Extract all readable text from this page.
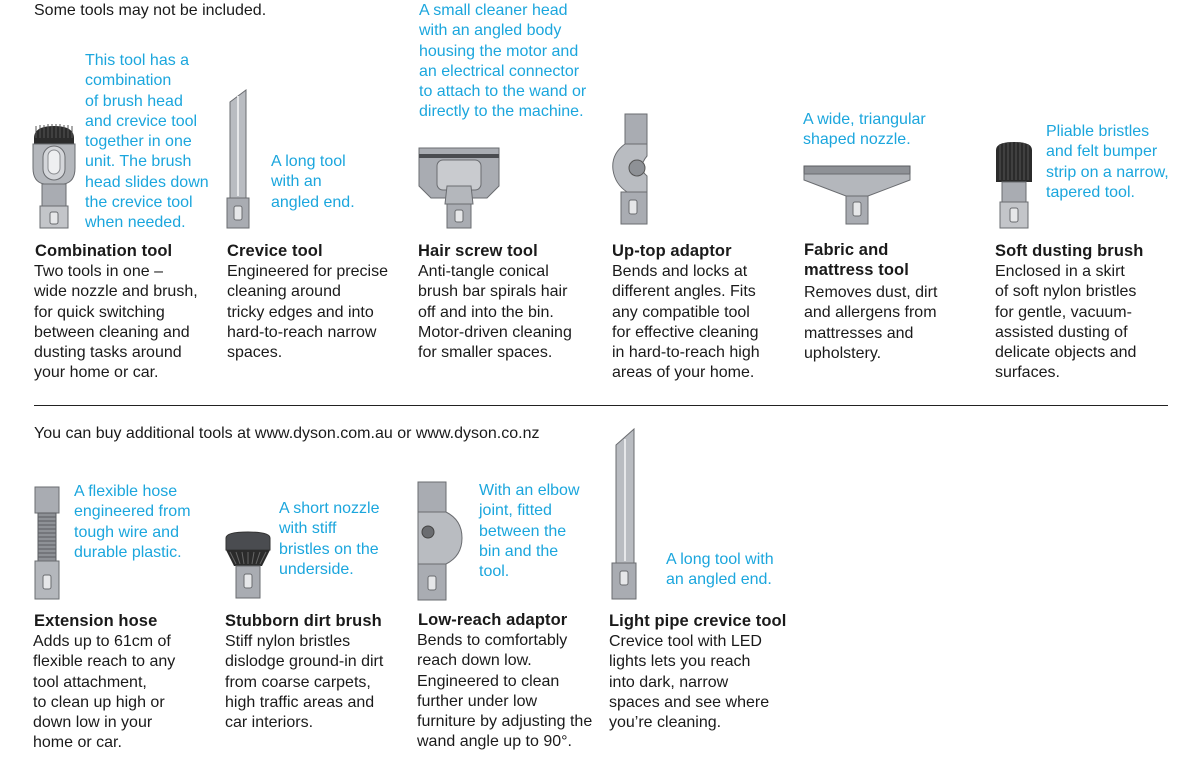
Some tools may not be included.
This tool has a
combination
of brush head
and crevice tool
together in one
unit. The brush
head slides down
the crevice tool
when needed.
Combination tool
Two tools in one –
wide nozzle and brush,
for quick switching
between cleaning and
dusting tasks around
your home or car.
A long tool
with an
angled end.
Crevice tool
Engineered for precise
cleaning around
tricky edges and into
hard-to-reach narrow
spaces.
A small cleaner head
with an angled body
housing the motor and
an electrical connector
to attach to the wand or
directly to the machine.
Hair screw tool
Anti-tangle conical
brush bar spirals hair
off and into the bin.
Motor-driven cleaning
for smaller spaces.
Up-top adaptor
Bends and locks at
different angles. Fits
any compatible tool
for effective cleaning
in hard-to-reach high
areas of your home.
A wide, triangular
shaped nozzle.
Fabric and
mattress tool
Removes dust, dirt
and allergens from
mattresses and
upholstery.
Pliable bristles
and felt bumper
strip on a narrow,
tapered tool.
Soft dusting brush
Enclosed in a skirt
of soft nylon bristles
for gentle, vacuum-
assisted dusting of
delicate objects and
surfaces.
You can buy additional tools at www.dyson.com.au or www.dyson.co.nz
A flexible hose
engineered from
tough wire and
durable plastic.
Extension hose
Adds up to 61cm of
flexible reach to any
tool attachment,
to clean up high or
down low in your
home or car.
A short nozzle
with stiff
bristles on the
underside.
Stubborn dirt brush
Stiff nylon bristles
dislodge ground-in dirt
from coarse carpets,
high traffic areas and
car interiors.
With an elbow
joint, fitted
between the
bin and the
tool.
Low-reach adaptor
Bends to comfortably
reach down low.
Engineered to clean
further under low
furniture by adjusting the
wand angle up to 90°.
A long tool with
an angled end.
Light pipe crevice tool
Crevice tool with LED
lights lets you reach
into dark, narrow
spaces and see where
you’re cleaning.
